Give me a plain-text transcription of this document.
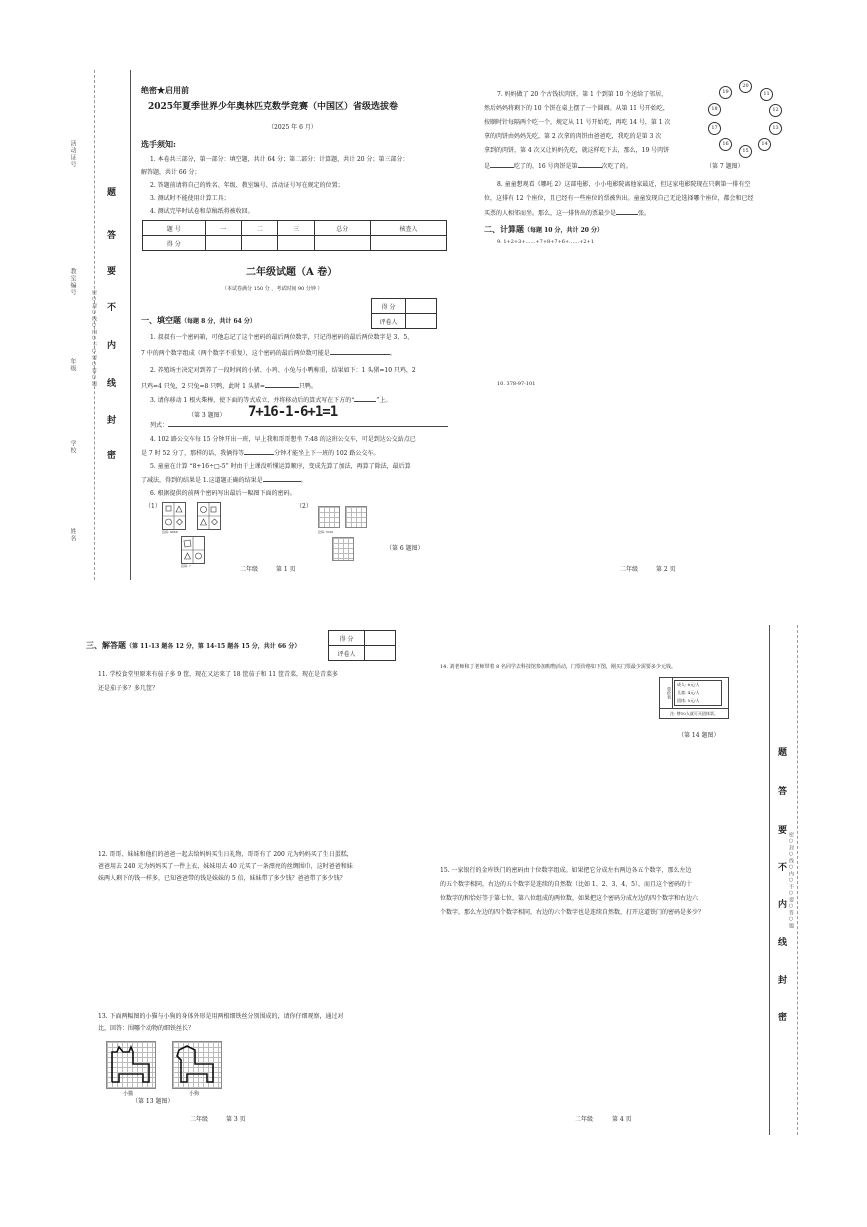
活动证号
教室编号
年级
学校
姓名
密○封○线○内○不○要○答○题
题
答
要
不
内
线
封
密
绝密★启用前
2025年夏季世界少年奥林匹克数学竞赛（中国区）省级选拔卷
（2025 年 6 月）
选手须知:
1. 本卷共三部分，第一部分：填空题，共计 64 分；第二部分：计算题，共计 20 分；第三部分：
解答题，共计 66 分；
2. 答题前请将自己的姓名、年级、教室编号、活动证号写在规定的位置；
3. 测试时不能使用计算工具；
4. 测试完毕时试卷和草稿纸将被收回。
题 号	一	二	三	总分	核查人
得 分					
二年级试题（A 卷）
（本试卷满分 150 分 ，考试时间 90 分钟 ）
得 分	
评卷人	
一、填空题（每题 8 分，共计 64 分）
1. 叔叔有一个密码箱，可他忘记了这个密码的最后两位数字，只记得密码的最后两位数字是 3、5、
7 中的两个数字组成（两个数字不重复），这个密码的最后两位数可能是	。
2. 养殖场主决定对到养了一段时间的小猪、小鸡、小兔与小鸭称重，结果如下：1 头猪=10 只鸡，2
只鸡=4 只兔，2 只兔=8 只鸭，此时 1 头猪=	只鸭。
3. 请你移动 1 根火柴棒，使下面的等式成立，并将移动后的算式写在下方的“	”上。
（第 3 题图） 7+16-1-6+1=1
列式：
4. 102 路公交车每 15 分钟开出一班，早上我和哥哥想坐 7:48 的这班公交车，可是到达公交站点已
是 7 时 52 分了，那样的话，我俩得等	分钟才能坐上下一班的 102 路公交车。
5. 童童在计算 “8+16÷□-5” 时由于上课没听懂运算顺序，变成先算了加法，再算了除法，最后算
了减法，得到的结果是 1.这道题正确的结果是	。
6. 根据提供的前两个密码写出最后一幅图下面的密码。
（1）
密码: 9668
密码: ?
（2）
密码: 5201
（第 6 题图）
二年级	第 1 页
7. 妈妈做了 20 个古钱状肉饼，第 1 个到第 10 个送给了邻居，
然后妈妈将剩下的 10 个饼在桌上摆了一个圆圈。从第 11 号开始吃，
按顺时针每隔两个吃一个，规定从 11 号开始吃，再吃 14 号，第 1 次
拿的肉饼由妈妈先吃，第 2 次拿的肉饼由爸爸吃，我吃的是第 3 次
拿到的肉饼，第 4 次又让妈妈先吃，就这样吃下去，那么，19 号肉饼
是	吃了的，16 号肉饼是第	次吃了的。	（第 7 题图）
20
19	11
18	12
17	13
16	14
15
8. 童童想观看《哪吒 2》这部电影，小小电影院离他家最近，但这家电影院现在只剩第一排有空
位，这排有 12 个座位，且已经有一些座位的票被售出。童童发现自己无论选择哪个座位，都会和已经
买票的人相邻而坐。那么，这一排售出的票最少是	张。
二、计算题（每题 10 分，共计 20 分）
9. 1+2+3+……+7+8+7+6+……+2+1
10. 378-97-101
二年级	第 2 页
三、解答题（第 11-13 题各 12 分，第 14-15 题各 15 分，共计 66 分）
得 分	
评卷人	
11. 学校食堂里原来有茄子多 9 筐，现在又运来了 18 筐茄子和 11 筐青菜，现在是青菜多
还是茄子多？多几筐？
12. 哥哥、妹妹和他们的爸爸一起去给妈妈买生日礼物，哥哥有了 200 元为妈妈买了生日蛋糕，
爸爸用去 240 元为妈妈买了一件上衣，妹妹用去 40 元买了一条漂亮的丝绸围巾，这时爸爸和妹
妹两人剩下的钱一样多，已知爸爸带的钱是妹妹的 5 倍，妹妹带了多少钱？爸爸带了多少钱？
13. 下面两幅图的小猫与小狗的身体外形是用两根细铁丝分别围成的，请你仔细观察，通过对
比，回答：围哪个动物的细铁丝长？
小猫	小狗
（第 13 题图）
二年级	第 3 页
14. 刘老师和丁老师带着 8 名同学去科技馆参加购物活动，门票价格如下图，刚买门票最少需要多少元钱。
票价表
成人: 6元/人
儿童: 4元/人
团体: 5元/人
注: 够10人就可买团体票。
（第 14 题图）
15. 一家银行的金库铁门的密码由十位数字组成。如果把它分成左右两边各五个数字，那么左边
的五个数字相同，右边的五个数字是连续的自然数（比如 1、2、3、4、5），而且这个密码的十
位数字的和恰好等于第七位，第八位组成的两位数，如果把这个密码分成左边的四个数字和右边六
个数字，那么左边的四个数字相同，右边的六个数字也是连续自然数，打开这道铁门的密码是多少？
二年级	第 4 页
密○封○线○内○不○要○答○题
题
答
要
不
内
线
封
密
